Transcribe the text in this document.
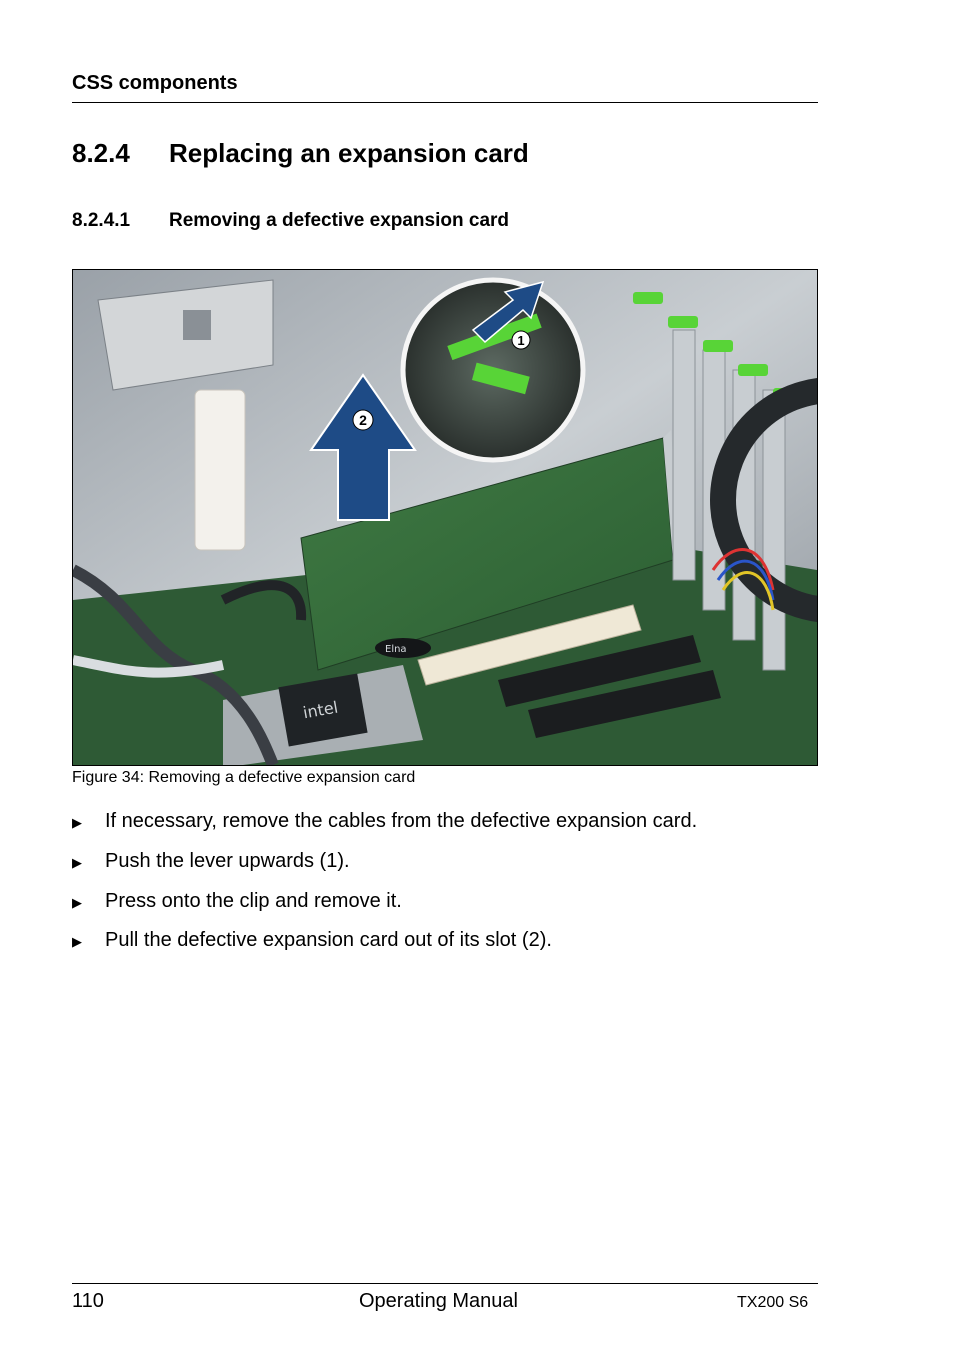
CSS components
8.2.4 Replacing an expansion card
8.2.4.1 Removing a defective expansion card
intel
Elna
1
2
Figure 34: Removing a defective expansion card
▶	If necessary, remove the cables from the defective expansion card.
▶	Push the lever upwards (1).
▶	Press onto the clip and remove it.
▶	Pull the defective expansion card out of its slot (2).
110	Operating Manual	TX200 S6
